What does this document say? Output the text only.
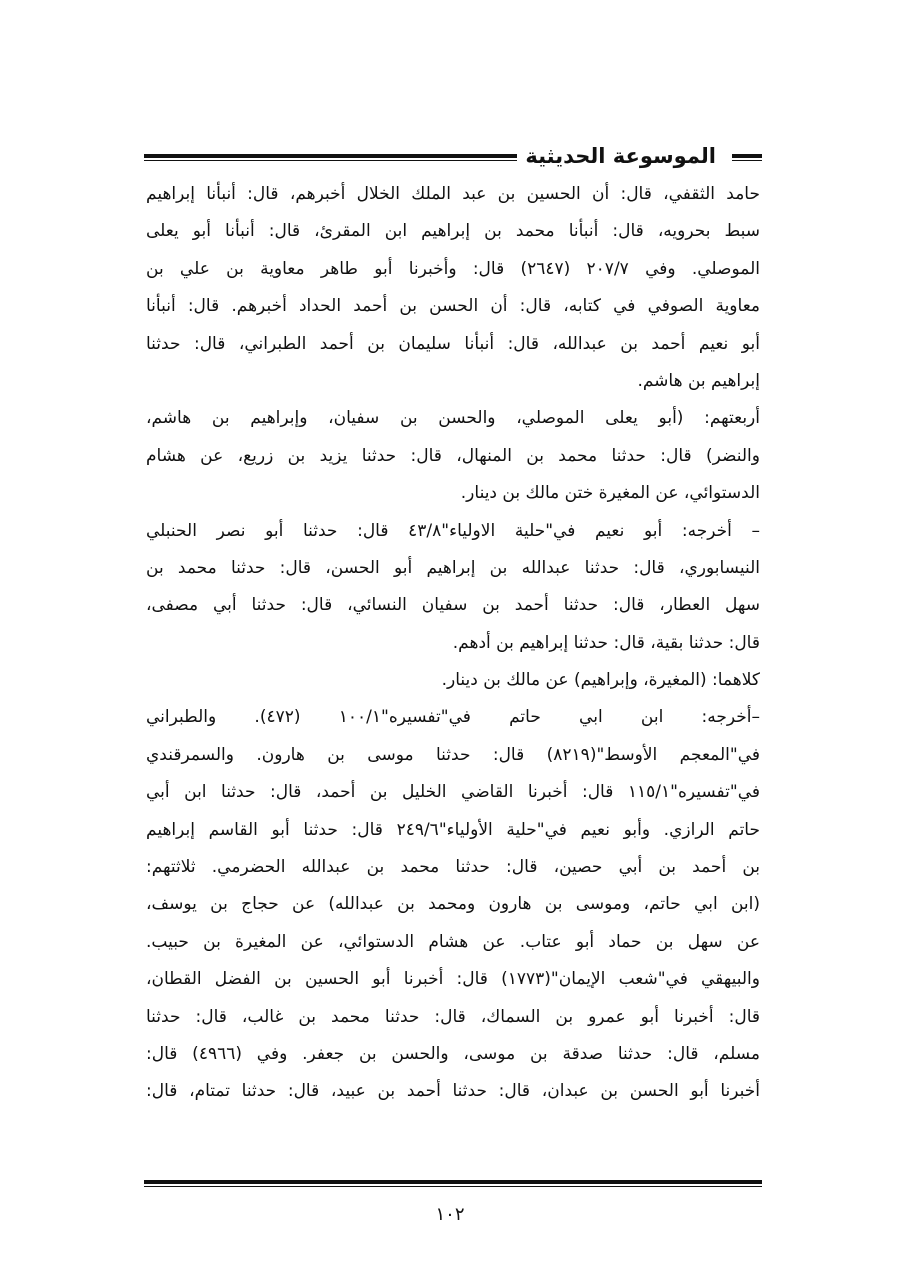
الموسوعة الحديثية
حامد الثقفي، قال: أن الحسين بن عبد الملك الخلال أخبرهم، قال: أنبأنا إبراهيم
سبط بحرويه، قال: أنبأنا محمد بن إبراهيم ابن المقرئ، قال: أنبأنا أبو يعلى
الموصلي. وفي ٢٠٧/٧ (٢٦٤٧) قال: وأخبرنا أبو طاهر معاوية بن علي بن
معاوية الصوفي في كتابه، قال: أن الحسن بن أحمد الحداد أخبرهم. قال: أنبأنا
أبو نعيم أحمد بن عبدالله، قال: أنبأنا سليمان بن أحمد الطبراني، قال: حدثنا
إبراهيم بن هاشم.
أربعتهم: (أبو يعلى الموصلي، والحسن بن سفيان، وإبراهيم بن هاشم،
والنضر) قال: حدثنا محمد بن المنهال، قال: حدثنا يزيد بن زريع، عن هشام
الدستوائي، عن المغيرة ختن مالك بن دينار.
– أخرجه: أبو نعيم في"حلية الاولياء"٤٣/٨ قال: حدثنا أبو نصر الحنبلي
النيسابوري، قال: حدثنا عبدالله بن إبراهيم أبو الحسن، قال: حدثنا محمد بن
سهل العطار، قال: حدثنا أحمد بن سفيان النسائي، قال: حدثنا أبي مصفى،
قال: حدثنا بقية، قال: حدثنا إبراهيم بن أدهم.
كلاهما: (المغيرة، وإبراهيم) عن مالك بن دينار.
–أخرجه: ابن ابي حاتم في"تفسيره"١٠٠/١ (٤٧٢). والطبراني
في"المعجم الأوسط"(٨٢١٩) قال: حدثنا موسى بن هارون. والسمرقندي
في"تفسيره"١١٥/١ قال: أخبرنا القاضي الخليل بن أحمد، قال: حدثنا ابن أبي
حاتم الرازي. وأبو نعيم في"حلية الأولياء"٢٤٩/٦ قال: حدثنا أبو القاسم إبراهيم
بن أحمد بن أبي حصين، قال: حدثنا محمد بن عبدالله الحضرمي. ثلاثتهم:
(ابن ابي حاتم، وموسى بن هارون ومحمد بن عبدالله) عن حجاج بن يوسف،
عن سهل بن حماد أبو عتاب. عن هشام الدستوائي، عن المغيرة بن حبيب.
والبيهقي في"شعب الإيمان"(١٧٧٣) قال: أخبرنا أبو الحسين بن الفضل القطان،
قال: أخبرنا أبو عمرو بن السماك، قال: حدثنا محمد بن غالب، قال: حدثنا
مسلم، قال: حدثنا صدقة بن موسى، والحسن بن جعفر. وفي (٤٩٦٦) قال:
أخبرنا أبو الحسن بن عبدان، قال: حدثنا أحمد بن عبيد، قال: حدثنا تمتام، قال:
١٠٢
